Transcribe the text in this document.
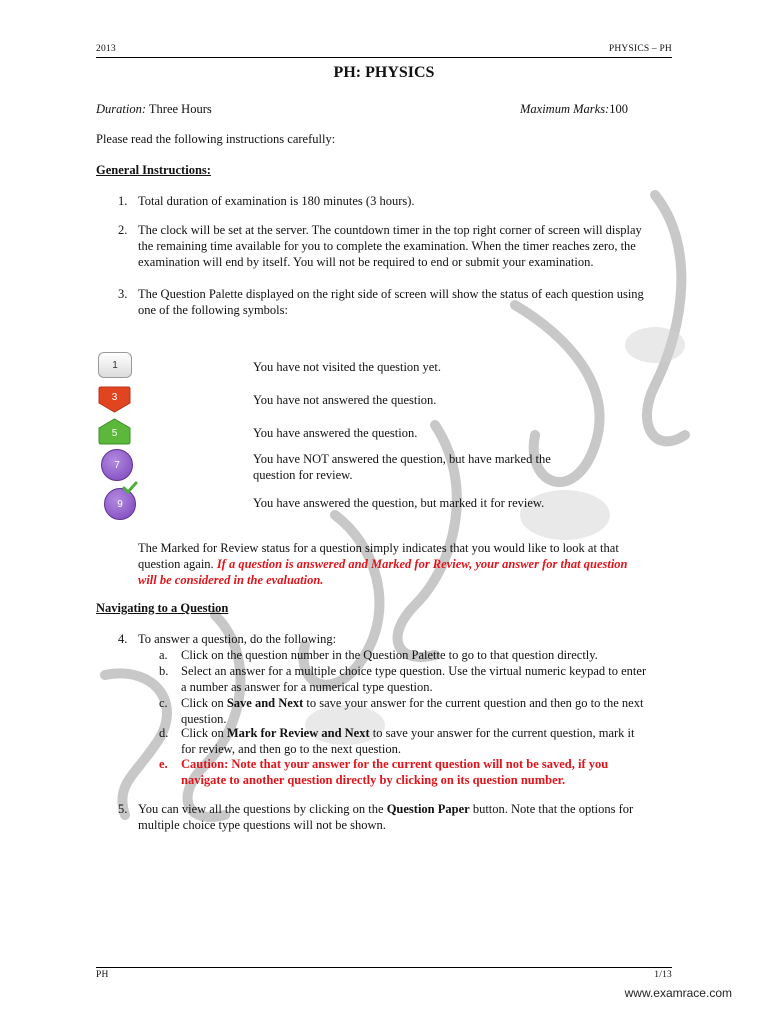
2013	PHYSICS – PH
PH: PHYSICS
Duration: Three Hours	Maximum Marks:100
Please read the following instructions carefully:
General Instructions:
1. Total duration of examination is 180 minutes (3 hours).
2. The clock will be set at the server. The countdown timer in the top right corner of screen will display
the remaining time available for you to complete the examination. When the timer reaches zero, the
examination will end by itself. You will not be required to end or submit your examination.
3. The Question Palette displayed on the right side of screen will show the status of each question using
one of the following symbols:
1	You have not visited the question yet.
3	You have not answered the question.
5	You have answered the question.
7	You have NOT answered the question, but have marked the
question for review.
9	You have answered the question, but marked it for review.
The Marked for Review status for a question simply indicates that you would like to look at that
question again. If a question is answered and Marked for Review, your answer for that question
will be considered in the evaluation.
Navigating to a Question
4. To answer a question, do the following:
a. Click on the question number in the Question Palette to go to that question directly.
b. Select an answer for a multiple choice type question. Use the virtual numeric keypad to enter
a number as answer for a numerical type question.
c. Click on Save and Next to save your answer for the current question and then go to the next
question.
d. Click on Mark for Review and Next to save your answer for the current question, mark it
for review, and then go to the next question.
e. Caution: Note that your answer for the current question will not be saved, if you
navigate to another question directly by clicking on its question number.
5. You can view all the questions by clicking on the Question Paper button. Note that the options for
multiple choice type questions will not be shown.
PH	1/13
www.examrace.com
